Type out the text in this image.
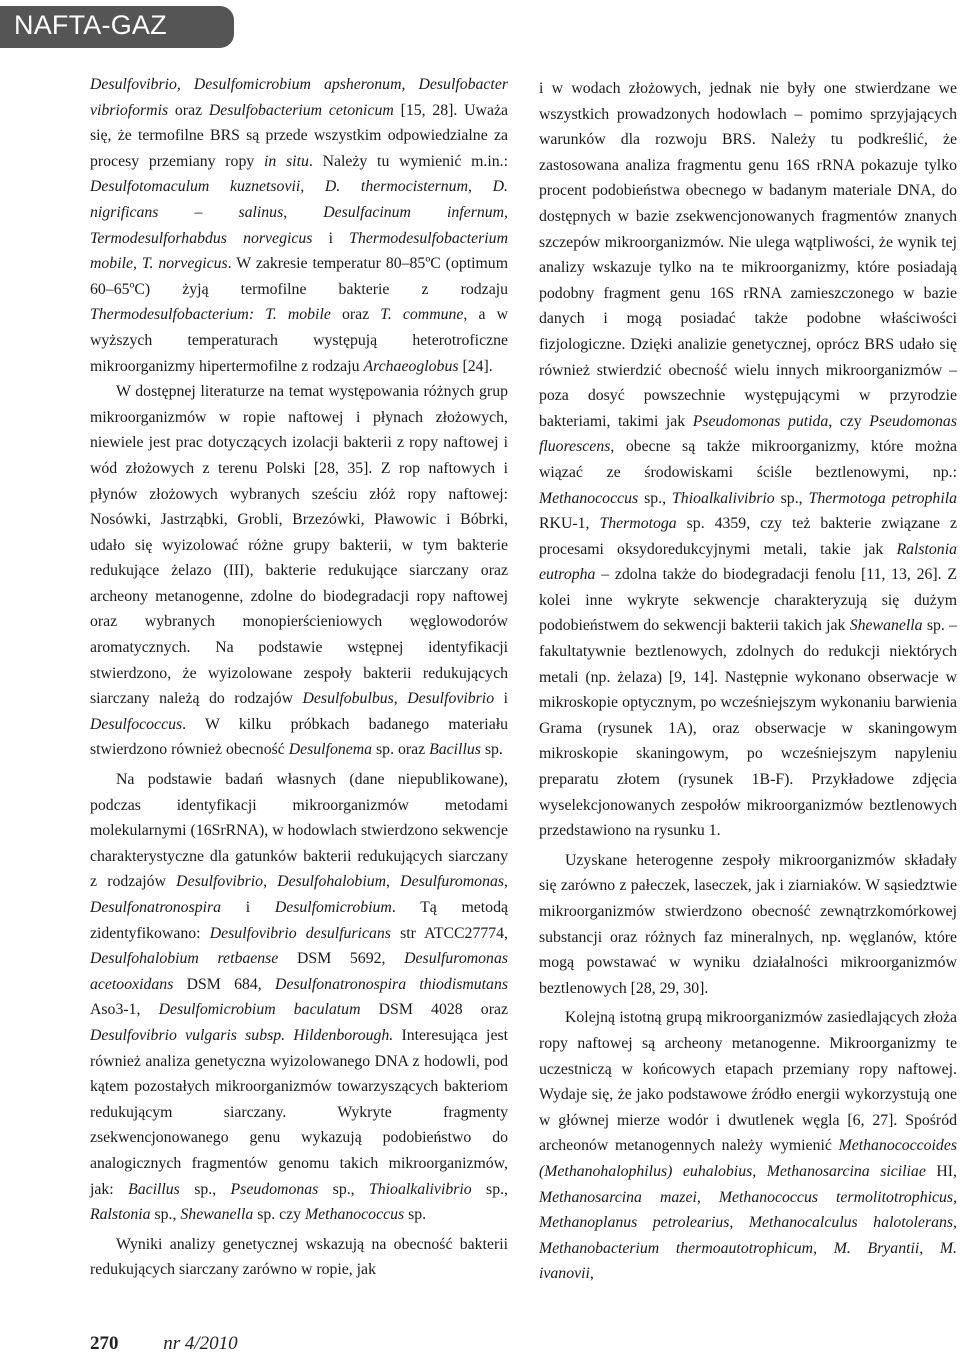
NAFTA-GAZ

Desulfovibrio, Desulfomicrobium apsheronum, Desulfobacter vibrioformis oraz Desulfobacterium cetonicum [15, 28]. Uważa się, że termofilne BRS są przede wszystkim odpowiedzialne za procesy przemiany ropy in situ. Należy tu wymienić m.in.: Desulfotomaculum kuznetsovii, D. thermocisternum, D. nigrificans – salinus, Desulfacinum infernum, Termodesulforhabdus norvegicus i Thermodesulfobacterium mobile, T. norvegicus. W zakresie temperatur 80–85ºC (optimum 60–65ºC) żyją termofilne bakterie z rodzaju Thermodesulfobacterium: T. mobile oraz T. commune, a w wyższych temperaturach występują heterotroficzne mikroorganizmy hipertermofilne z rodzaju Archaeoglobus [24].

W dostępnej literaturze na temat występowania różnych grup mikroorganizmów w ropie naftowej i płynach złożowych, niewiele jest prac dotyczących izolacji bakterii z ropy naftowej i wód złożowych z terenu Polski [28, 35]. Z rop naftowych i płynów złożowych wybranych sześciu złóż ropy naftowej: Nosówki, Jastrząbki, Grobli, Brzezówki, Pławowic i Bóbrki, udało się wyizolować różne grupy bakterii, w tym bakterie redukujące żelazo (III), bakterie redukujące siarczany oraz archeony metanogenne, zdolne do biodegradacji ropy naftowej oraz wybranych monopierścieniowych węglowodorów aromatycznych. Na podstawie wstępnej identyfikacji stwierdzono, że wyizolowane zespoły bakterii redukujących siarczany należą do rodzajów Desulfobulbus, Desulfovibrio i Desulfococcus. W kilku próbkach badanego materiału stwierdzono również obecność Desulfonema sp. oraz Bacillus sp.

Na podstawie badań własnych (dane niepublikowane), podczas identyfikacji mikroorganizmów metodami molekularnymi (16SrRNA), w hodowlach stwierdzono sekwencje charakterystyczne dla gatunków bakterii redukujących siarczany z rodzajów Desulfovibrio, Desulfohalobium, Desulfuromonas, Desulfonatronospira i Desulfomicrobium. Tą metodą zidentyfikowano: Desulfovibrio desulfuricans str ATCC27774, Desulfohalobium retbaense DSM 5692, Desulfuromonas acetooxidans DSM 684, Desulfonatronospira thiodismutans Aso3-1, Desulfomicrobium baculatum DSM 4028 oraz Desulfovibrio vulgaris subsp. Hildenborough. Interesująca jest również analiza genetyczna wyizolowanego DNA z hodowli, pod kątem pozostałych mikroorganizmów towarzyszących bakteriom redukującym siarczany. Wykryte fragmenty zsekwencjonowanego genu wykazują podobieństwo do analogicznych fragmentów genomu takich mikroorganizmów, jak: Bacillus sp., Pseudomonas sp., Thioalkalivibrio sp., Ralstonia sp., Shewanella sp. czy Methanococcus sp.

Wyniki analizy genetycznej wskazują na obecność bakterii redukujących siarczany zarówno w ropie, jak

i w wodach złożowych, jednak nie były one stwierdzane we wszystkich prowadzonych hodowlach – pomimo sprzyjających warunków dla rozwoju BRS. Należy tu podkreślić, że zastosowana analiza fragmentu genu 16S rRNA pokazuje tylko procent podobieństwa obecnego w badanym materiale DNA, do dostępnych w bazie zsekwencjonowanych fragmentów znanych szczepów mikroorganizmów. Nie ulega wątpliwości, że wynik tej analizy wskazuje tylko na te mikroorganizmy, które posiadają podobny fragment genu 16S rRNA zamieszczonego w bazie danych i mogą posiadać także podobne właściwości fizjologiczne. Dzięki analizie genetycznej, oprócz BRS udało się również stwierdzić obecność wielu innych mikroorganizmów – poza dosyć powszechnie występującymi w przyrodzie bakteriami, takimi jak Pseudomonas putida, czy Pseudomonas fluorescens, obecne są także mikroorganizmy, które można wiązać ze środowiskami ściśle beztlenowymi, np.: Methanococcus sp., Thioalkalivibrio sp., Thermotoga petrophila RKU-1, Thermotoga sp. 4359, czy też bakterie związane z procesami oksydoredukcyjnymi metali, takie jak Ralstonia eutropha – zdolna także do biodegradacji fenolu [11, 13, 26]. Z kolei inne wykryte sekwencje charakteryzują się dużym podobieństwem do sekwencji bakterii takich jak Shewanella sp. – fakultatywnie beztlenowych, zdolnych do redukcji niektórych metali (np. żelaza) [9, 14]. Następnie wykonano obserwacje w mikroskopie optycznym, po wcześniejszym wykonaniu barwienia Grama (rysunek 1A), oraz obserwacje w skaningowym mikroskopie skaningowym, po wcześniejszym napyleniu preparatu złotem (rysunek 1B-F). Przykładowe zdjęcia wyselekcjonowanych zespołów mikroorganizmów beztlenowych przedstawiono na rysunku 1.

Uzyskane heterogenne zespoły mikroorganizmów składały się zarówno z pałeczek, laseczek, jak i ziarniaków. W sąsiedztwie mikroorganizmów stwierdzono obecność zewnątrzkomórkowej substancji oraz różnych faz mineralnych, np. węglanów, które mogą powstawać w wyniku działalności mikroorganizmów beztlenowych [28, 29, 30].

Kolejną istotną grupą mikroorganizmów zasiedlających złoża ropy naftowej są archeony metanogenne. Mikroorganizmy te uczestniczą w końcowych etapach przemiany ropy naftowej. Wydaje się, że jako podstawowe źródło energii wykorzystują one w głównej mierze wodór i dwutlenek węgla [6, 27]. Spośród archeonów metanogennych należy wymienić Methanococcoides (Methanohalophilus) euhalobius, Methanosarcina siciliae HI, Methanosarcina mazei, Methanococcus termolitotrophicus, Methanoplanus petrolearius, Methanocalculus halotolerans, Methanobacterium thermoautotrophicum, M. Bryantii, M. ivanovii,

270 nr 4/2010
